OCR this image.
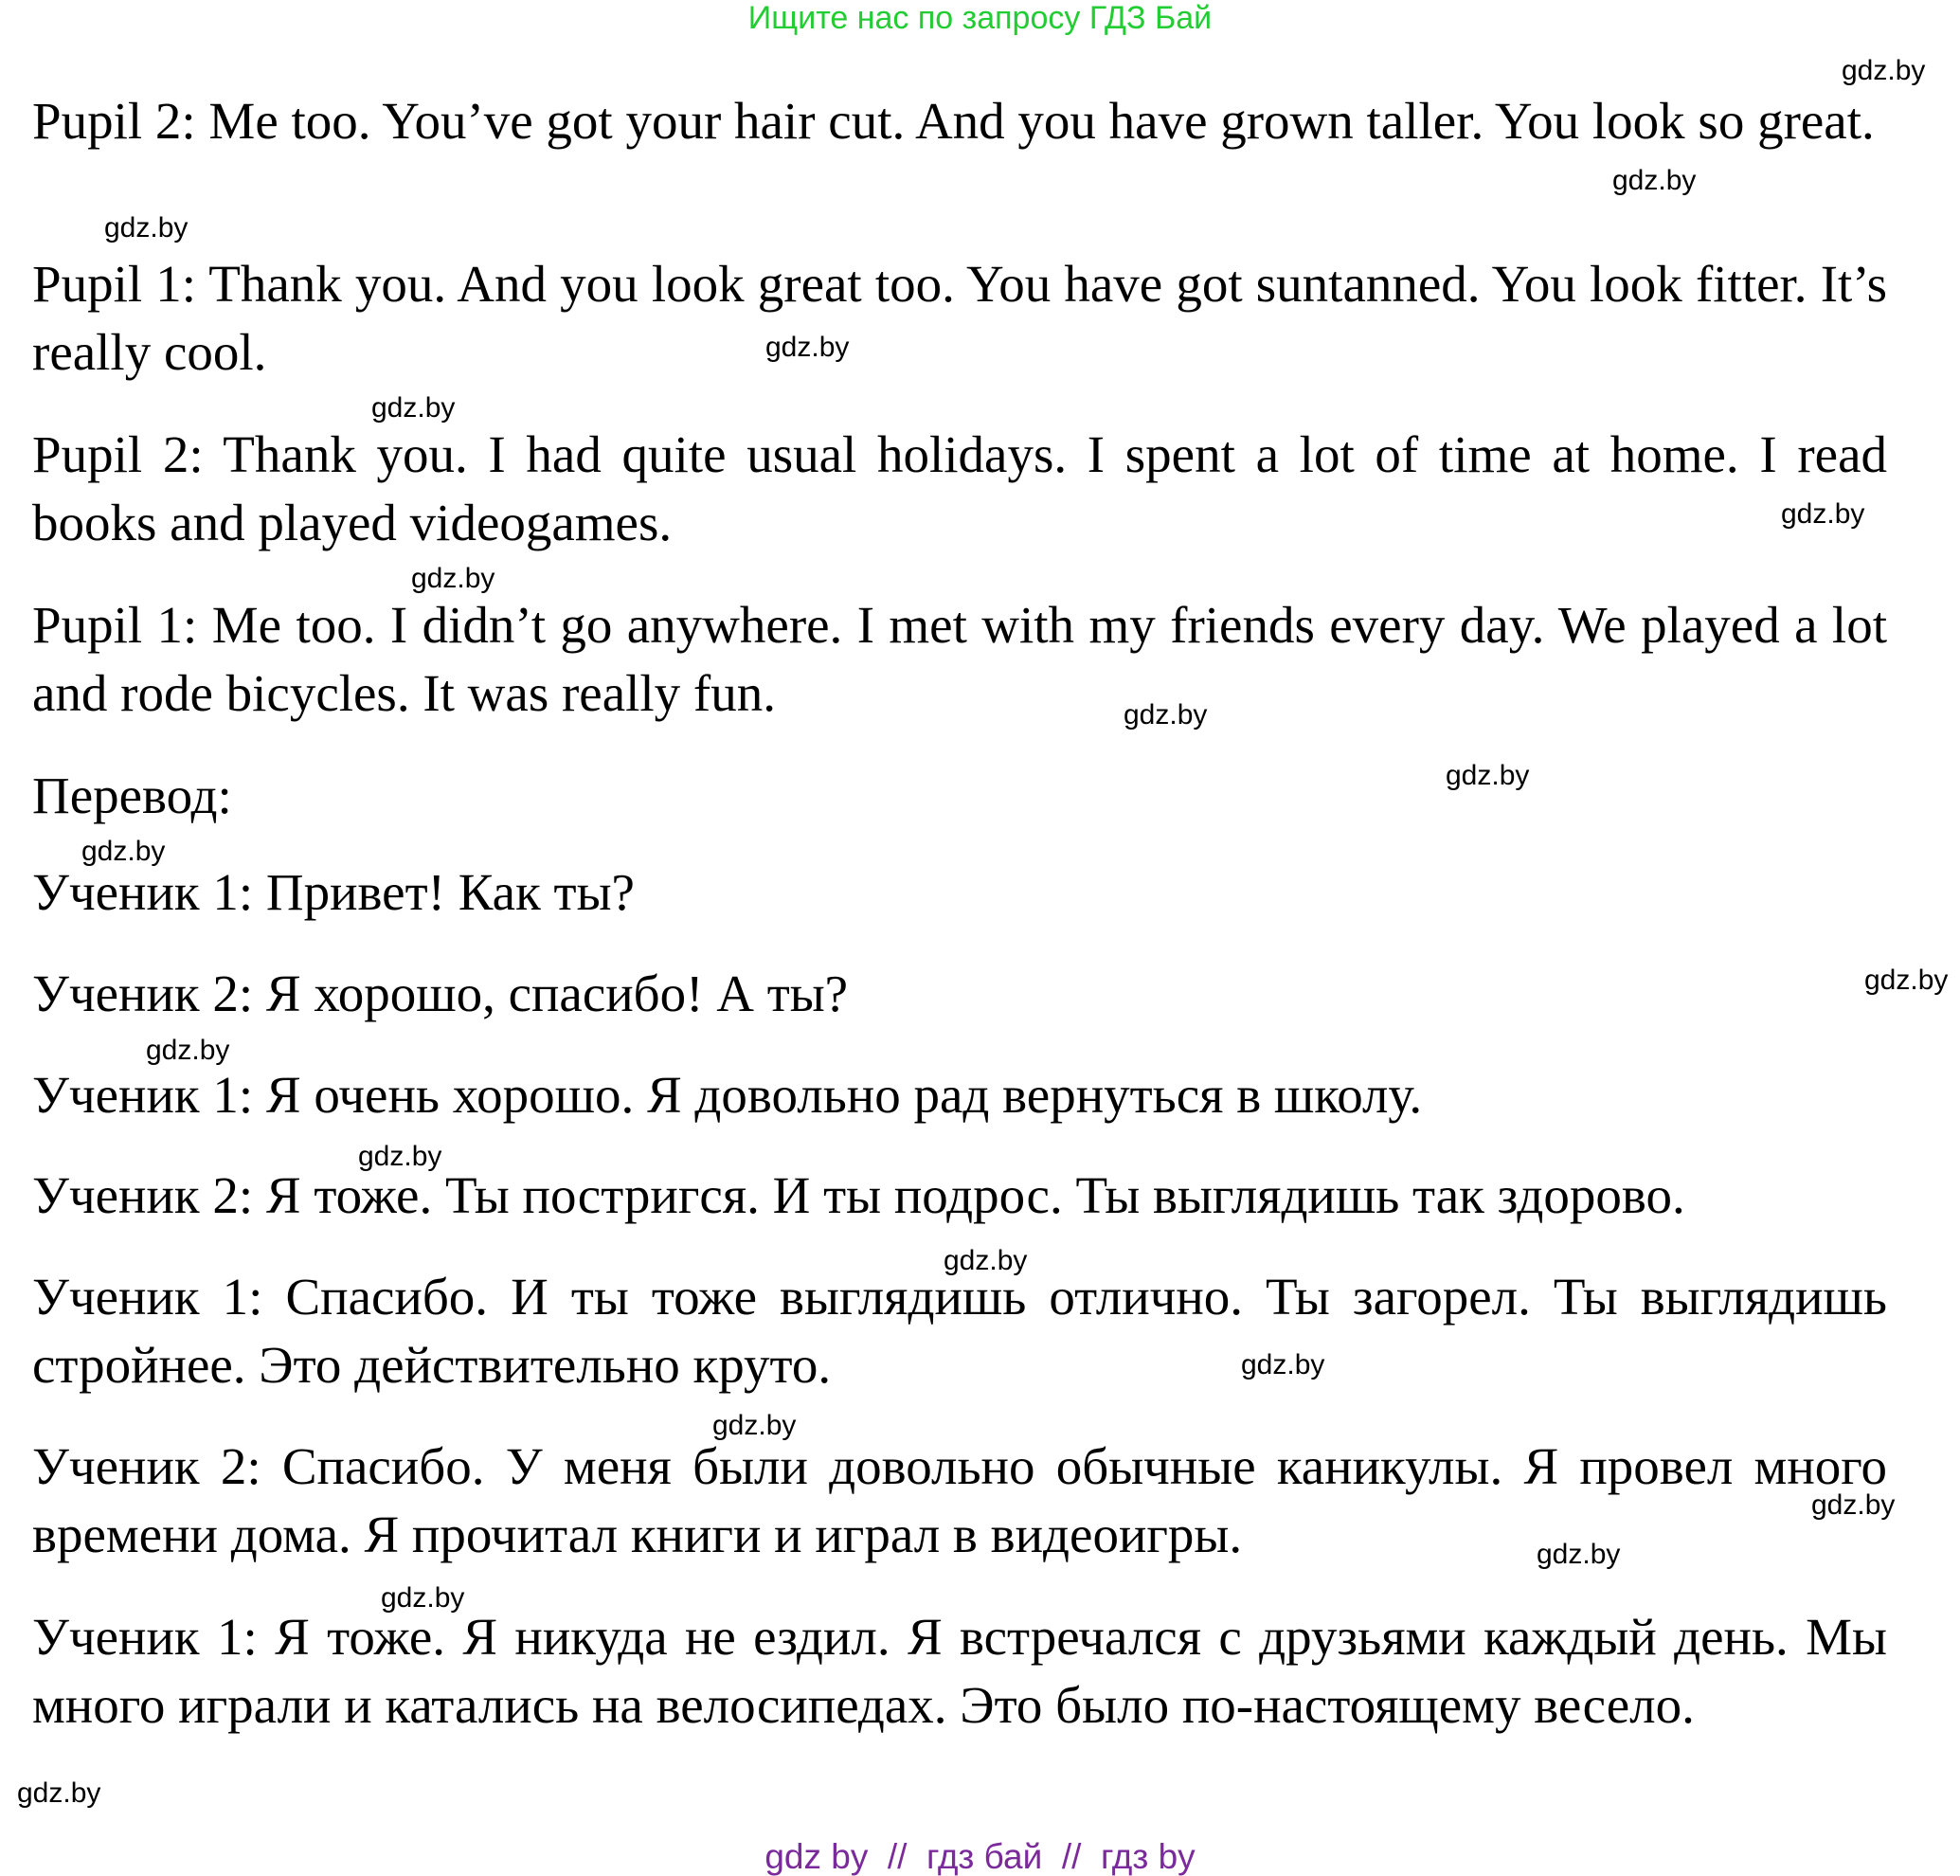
Ищите нас по запросу ГДЗ Бай

Pupil 2: Me too. You’ve got your hair cut. And you have grown taller. You look so great.

Pupil 1: Thank you. And you look great too. You have got suntanned. You look fitter. It’s really cool.

Pupil 2: Thank you. I had quite usual holidays. I spent a lot of time at home. I read books and played videogames.

Pupil 1: Me too. I didn’t go anywhere. I met with my friends every day. We played a lot and rode bicycles. It was really fun.

Перевод:

Ученик 1: Привет! Как ты?

Ученик 2: Я хорошо, спасибо! А ты?

Ученик 1: Я очень хорошо. Я довольно рад вернуться в школу.

Ученик 2: Я тоже. Ты постригся. И ты подрос. Ты выглядишь так здорово.

Ученик 1: Спасибо. И ты тоже выглядишь отлично. Ты загорел. Ты выглядишь стройнее. Это действительно круто.

Ученик 2: Спасибо. У меня были довольно обычные каникулы. Я провел много времени дома. Я прочитал книги и играл в видеоигры.

Ученик 1: Я тоже. Я никуда не ездил. Я встречался с друзьями каждый день. Мы много играли и катались на велосипедах. Это было по-настоящему весело.

gdz.by
gdz.by
gdz.by
gdz.by
gdz.by
gdz.by
gdz.by
gdz.by
gdz.by
gdz.by
gdz.by
gdz.by
gdz.by
gdz.by
gdz.by
gdz.by
gdz.by
gdz.by
gdz.by
gdz.by
gdz by  //  гдз бай  //  гдз by
